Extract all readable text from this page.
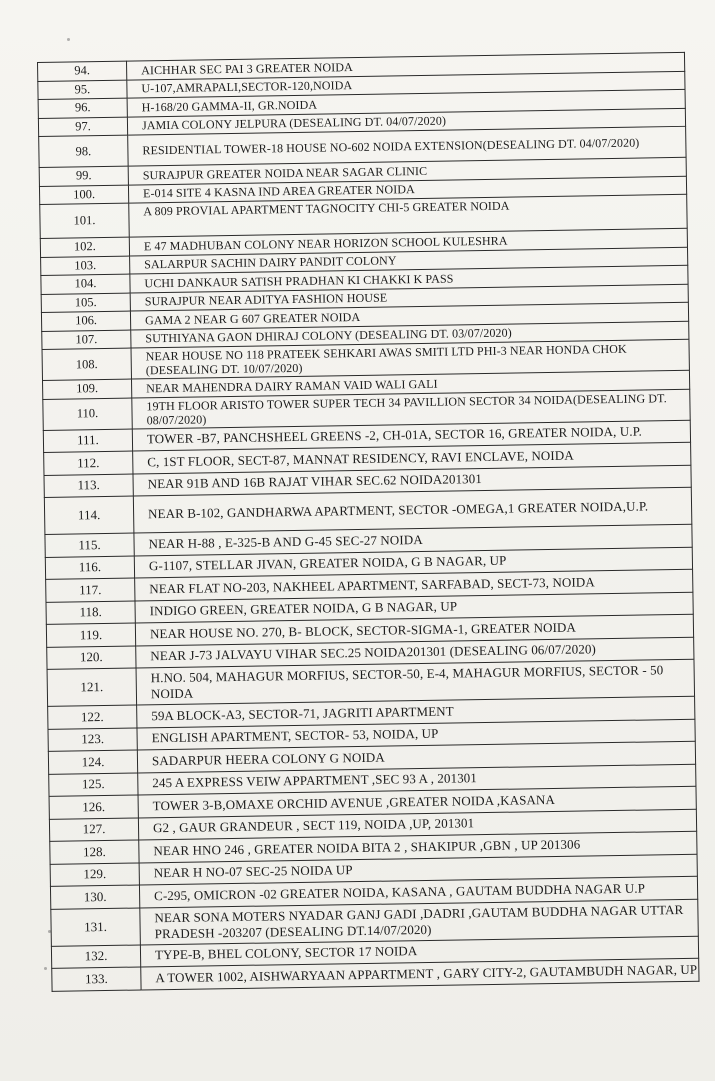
94.	AICHHAR SEC PAI 3 GREATER NOIDA
95.	U-107,AMRAPALI,SECTOR-120,NOIDA
96.	H-168/20 GAMMA-II, GR.NOIDA
97.	JAMIA COLONY JELPURA (DESEALING DT. 04/07/2020)
98.	RESIDENTIAL TOWER-18 HOUSE NO-602 NOIDA EXTENSION(DESEALING DT. 04/07/2020)
99.	SURAJPUR GREATER NOIDA NEAR SAGAR CLINIC
100.	E-014 SITE 4 KASNA IND AREA GREATER NOIDA
101.	A 809 PROVIAL APARTMENT TAGNOCITY CHI-5 GREATER NOIDA
102.	E 47 MADHUBAN COLONY NEAR HORIZON SCHOOL KULESHRA
103.	SALARPUR SACHIN DAIRY PANDIT COLONY
104.	UCHI DANKAUR SATISH PRADHAN KI CHAKKI K PASS
105.	SURAJPUR NEAR ADITYA FASHION HOUSE
106.	GAMA 2 NEAR G 607 GREATER NOIDA
107.	SUTHIYANA GAON DHIRAJ COLONY (DESEALING DT. 03/07/2020)
108.	NEAR HOUSE NO 118 PRATEEK SEHKARI AWAS SMITI LTD PHI-3 NEAR HONDA CHOK (DESEALING DT. 10/07/2020)
109.	NEAR MAHENDRA DAIRY RAMAN VAID WALI GALI
110.	19TH FLOOR ARISTO TOWER SUPER TECH 34 PAVILLION SECTOR 34 NOIDA(DESEALING DT. 08/07/2020)
111.	TOWER -B7, PANCHSHEEL GREENS -2, CH-01A, SECTOR 16, GREATER NOIDA, U.P.
112.	C, 1ST FLOOR, SECT-87, MANNAT RESIDENCY, RAVI ENCLAVE, NOIDA
113.	NEAR 91B AND 16B RAJAT VIHAR SEC.62 NOIDA201301
114.	NEAR B-102, GANDHARWA APARTMENT, SECTOR -OMEGA,1 GREATER NOIDA,U.P.
115.	NEAR H-88 , E-325-B AND G-45 SEC-27 NOIDA
116.	G-1107, STELLAR JIVAN, GREATER NOIDA, G B NAGAR, UP
117.	NEAR FLAT NO-203, NAKHEEL APARTMENT, SARFABAD, SECT-73, NOIDA
118.	INDIGO GREEN, GREATER NOIDA, G B NAGAR, UP
119.	NEAR HOUSE NO. 270, B- BLOCK, SECTOR-SIGMA-1, GREATER NOIDA
120.	NEAR J-73 JALVAYU VIHAR SEC.25 NOIDA201301 (DESEALING 06/07/2020)
121.	H.NO. 504, MAHAGUR MORFIUS, SECTOR-50, E-4, MAHAGUR MORFIUS, SECTOR - 50 NOIDA
122.	59A BLOCK-A3, SECTOR-71, JAGRITI APARTMENT
123.	ENGLISH APARTMENT, SECTOR- 53, NOIDA, UP
124.	SADARPUR HEERA COLONY G NOIDA
125.	245 A EXPRESS VEIW APPARTMENT ,SEC 93 A , 201301
126.	TOWER 3-B,OMAXE ORCHID AVENUE ,GREATER NOIDA ,KASANA
127.	G2 , GAUR GRANDEUR , SECT 119, NOIDA ,UP, 201301
128.	NEAR HNO 246 , GREATER NOIDA BITA 2 , SHAKIPUR ,GBN , UP 201306
129.	NEAR H NO-07 SEC-25 NOIDA UP
130.	C-295, OMICRON -02 GREATER NOIDA, KASANA , GAUTAM BUDDHA NAGAR U.P
131.	NEAR SONA MOTERS NYADAR GANJ GADI ,DADRI ,GAUTAM BUDDHA NAGAR UTTAR PRADESH -203207 (DESEALING DT.14/07/2020)
132.	TYPE-B, BHEL COLONY, SECTOR 17 NOIDA
133.	A TOWER 1002, AISHWARYAAN APPARTMENT , GARY CITY-2, GAUTAMBUDH NAGAR, UP
